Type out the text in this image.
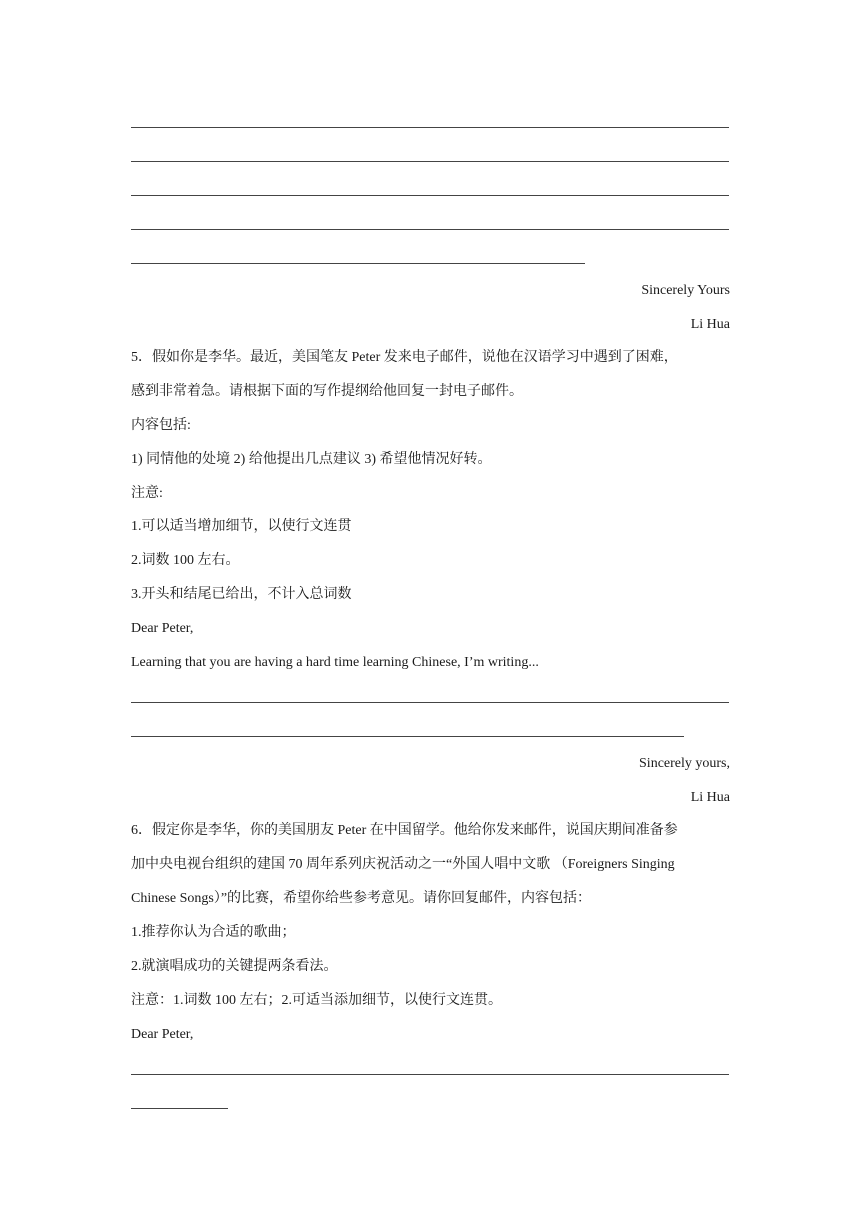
Sincerely Yours
Li Hua
5．假如你是李华。最近，美国笔友 Peter 发来电子邮件，说他在汉语学习中遇到了困难，
感到非常着急。请根据下面的写作提纲给他回复一封电子邮件。
内容包括:
1) 同情他的处境 2) 给他提出几点建议 3) 希望他情况好转。
注意:
1.可以适当增加细节，以使行文连贯
2.词数 100 左右。
3.开头和结尾已给出，不计入总词数
Dear Peter,
Learning that you are having a hard time learning Chinese, I’m writing...
Sincerely yours,
Li Hua
6．假定你是李华，你的美国朋友 Peter 在中国留学。他给你发来邮件，说国庆期间准备参
加中央电视台组织的建国 70 周年系列庆祝活动之一“外国人唱中文歌 （Foreigners Singing
Chinese Songs）”的比赛，希望你给些参考意见。请你回复邮件，内容包括：
1.推荐你认为合适的歌曲；
2.就演唱成功的关键提两条看法。
注意：1.词数 100 左右；2.可适当添加细节，以使行文连贯。
Dear Peter,
